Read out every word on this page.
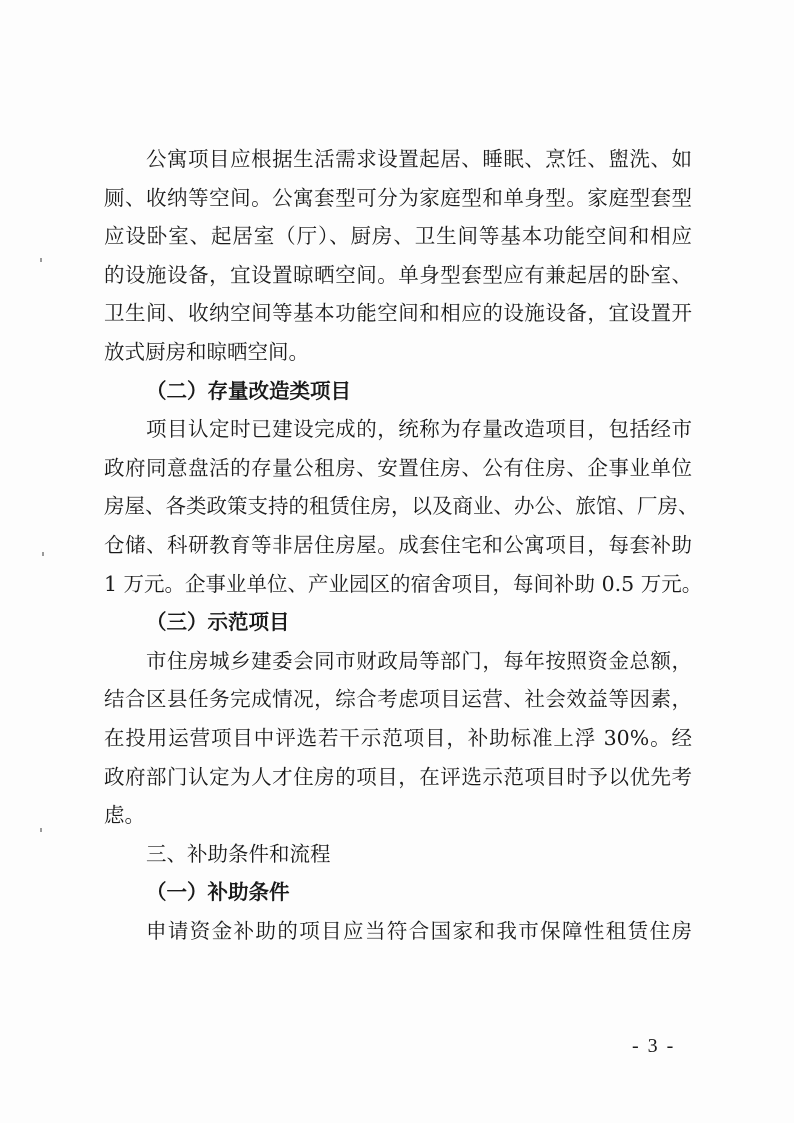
公寓项目应根据生活需求设置起居、睡眠、烹饪、盥洗、如
厕、收纳等空间。公寓套型可分为家庭型和单身型。家庭型套型
应设卧室、起居室（厅）、厨房、卫生间等基本功能空间和相应
的设施设备，宜设置晾晒空间。单身型套型应有兼起居的卧室、
卫生间、收纳空间等基本功能空间和相应的设施设备，宜设置开
放式厨房和晾晒空间。
（二）存量改造类项目
项目认定时已建设完成的，统称为存量改造项目，包括经市
政府同意盘活的存量公租房、安置住房、公有住房、企事业单位
房屋、各类政策支持的租赁住房，以及商业、办公、旅馆、厂房、
仓储、科研教育等非居住房屋。成套住宅和公寓项目，每套补助
1 万元。企事业单位、产业园区的宿舍项目，每间补助 0.5 万元。
（三）示范项目
市住房城乡建委会同市财政局等部门，每年按照资金总额，
结合区县任务完成情况，综合考虑项目运营、社会效益等因素，
在投用运营项目中评选若干示范项目，补助标准上浮 30%。经
政府部门认定为人才住房的项目，在评选示范项目时予以优先考
虑。
三、补助条件和流程
（一）补助条件
申请资金补助的项目应当符合国家和我市保障性租赁住房
- 3 -
